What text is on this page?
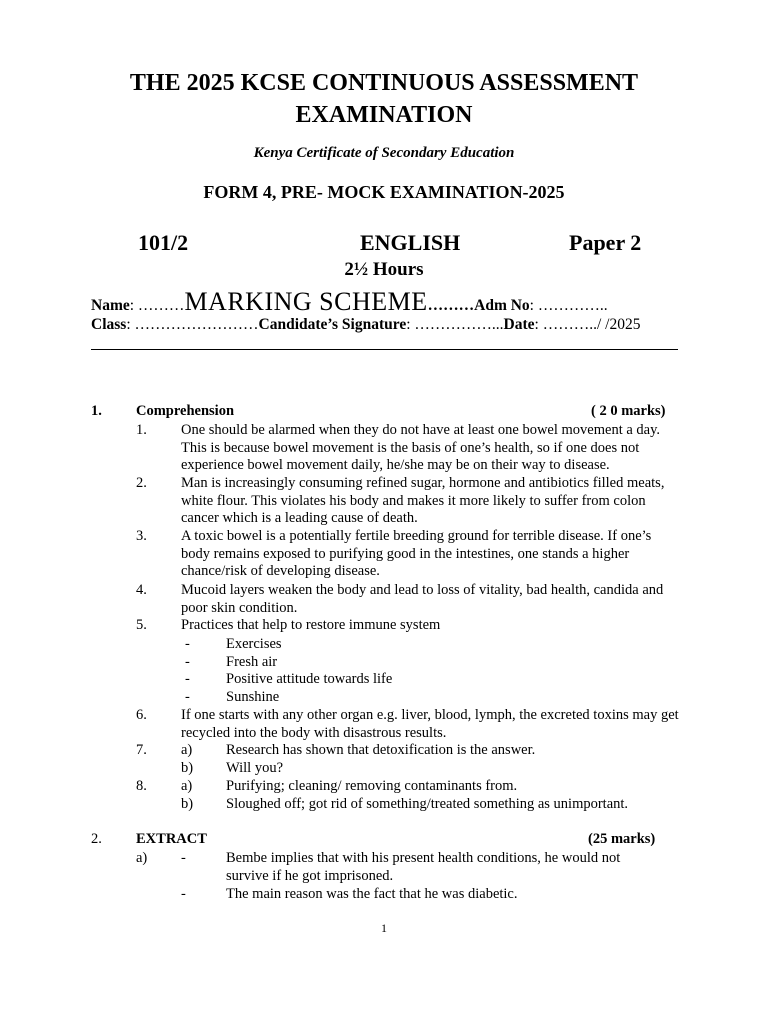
THE 2025 KCSE CONTINUOUS ASSESSMENT
EXAMINATION
Kenya Certificate of Secondary Education
FORM 4, PRE- MOCK EXAMINATION-2025
101/2	ENGLISH	Paper 2
2½ Hours
Name: ………MARKING SCHEME………Adm No: …………..
Class: ……………………Candidate’s Signature: ……………...Date: ………../ /2025
1. Comprehension	( 2 0 marks)
1. One should be alarmed when they do not have at least one bowel movement a day. This is because bowel movement is the basis of one’s health, so if one does not experience bowel movement daily, he/she may be on their way to disease.
2. Man is increasingly consuming refined sugar, hormone and antibiotics filled meats, white flour. This violates his body and makes it more likely to suffer from colon cancer which is a leading cause of death.
3. A toxic bowel is a potentially fertile breeding ground for terrible disease. If one’s body remains exposed to purifying good in the intestines, one stands a higher chance/risk of developing disease.
4. Mucoid layers weaken the body and lead to loss of vitality, bad health, candida and poor skin condition.
5. Practices that help to restore immune system
- Exercises
- Fresh air
- Positive attitude towards life
- Sunshine
6. If one starts with any other organ e.g. liver, blood, lymph, the excreted toxins may get recycled into the body with disastrous results.
7. a)	Research has shown that detoxification is the answer.
b)	Will you?
8. a)	Purifying; cleaning/ removing contaminants from.
b)	Sloughed off; got rid of something/treated something as unimportant.
2. EXTRACT	(25 marks)
a) -	Bembe implies that with his present health conditions, he would not survive if he got imprisoned.
-	The main reason was the fact that he was diabetic.
1
